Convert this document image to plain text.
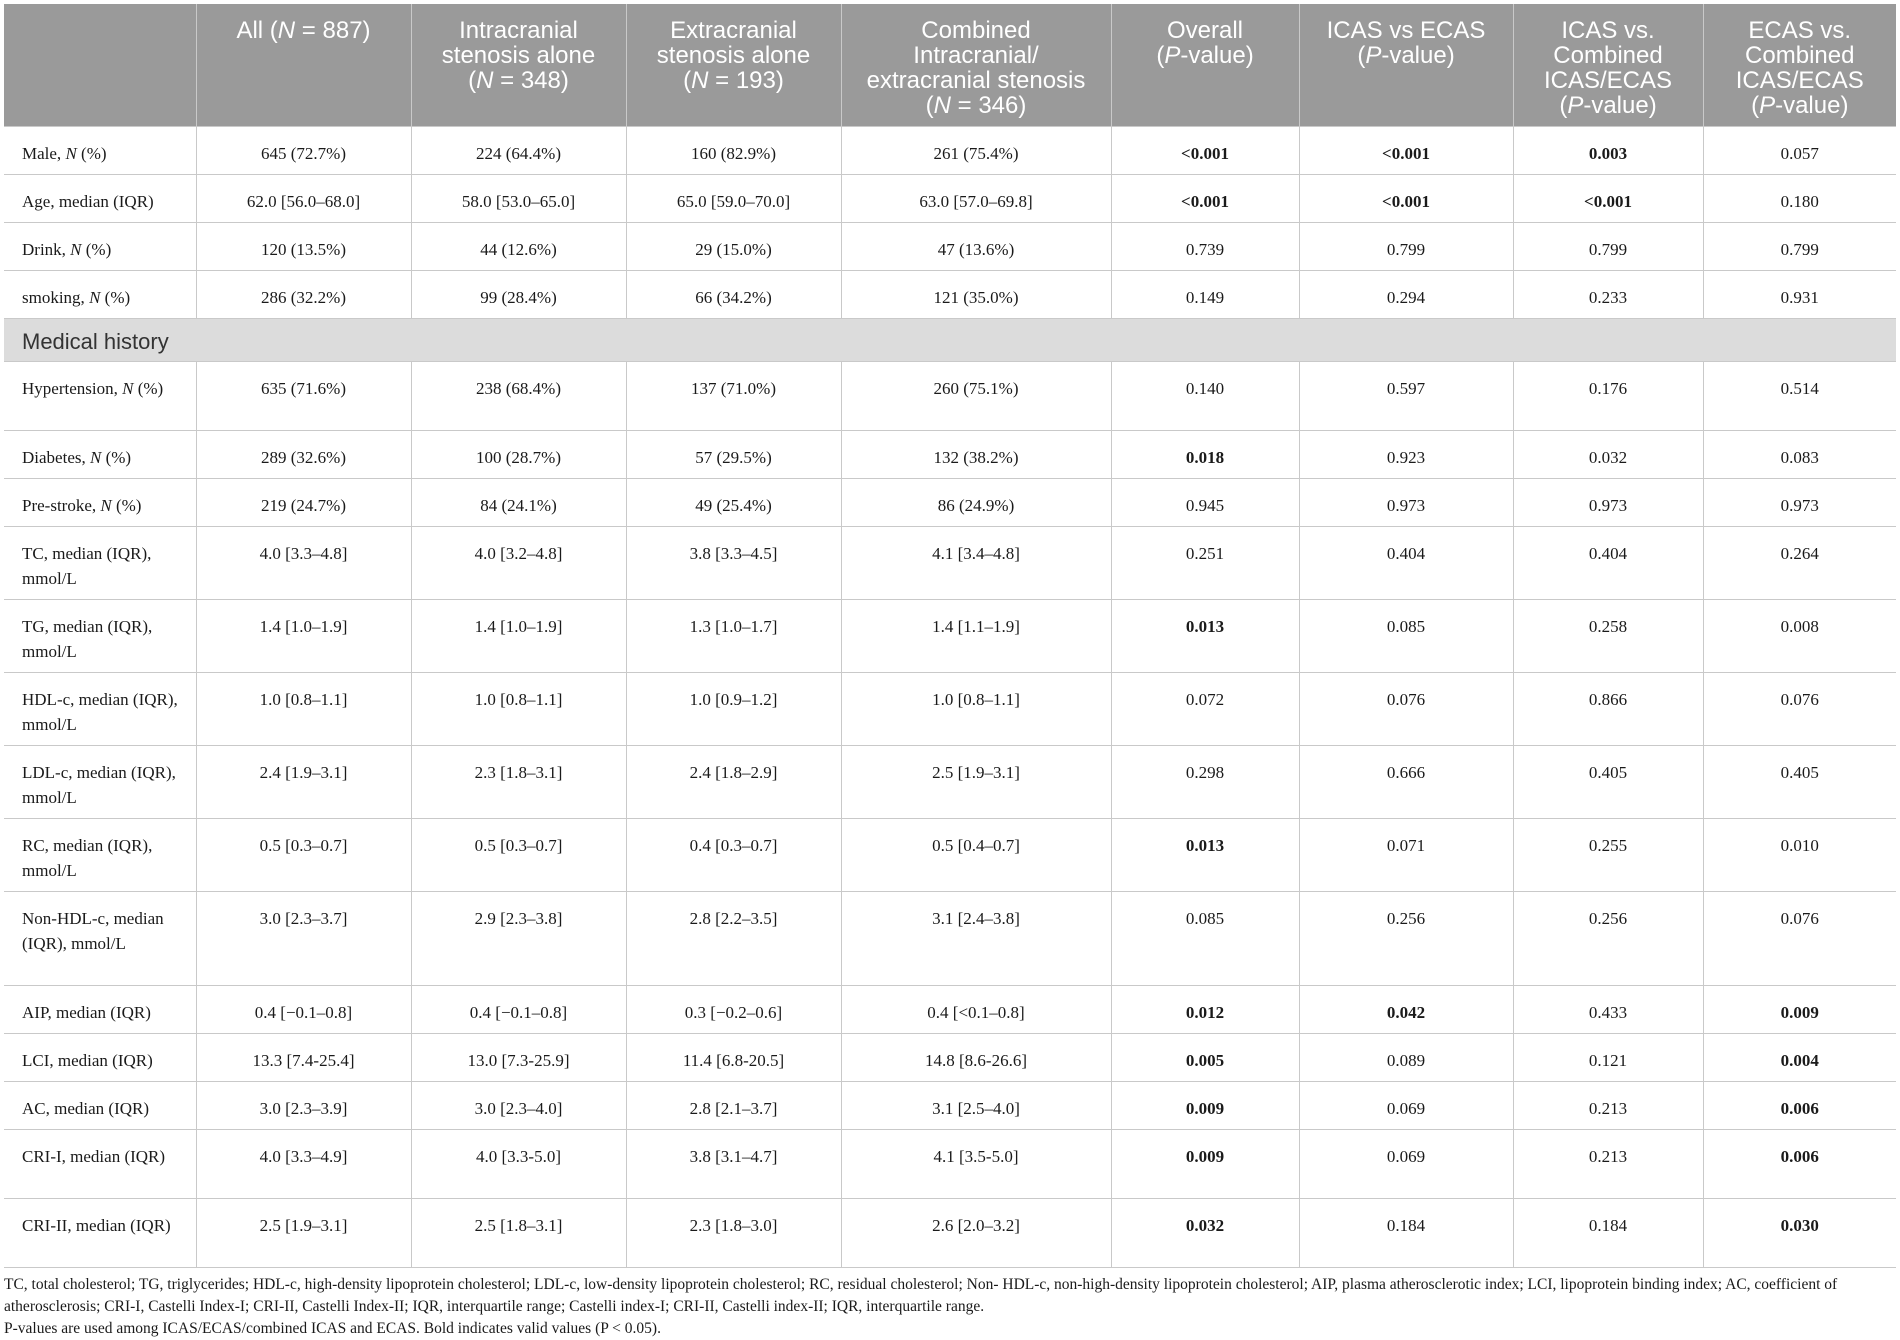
	All (N = 887)	Intracranial
stenosis alone
(N = 348)	Extracranial
stenosis alone
(N = 193)	Combined
Intracranial/
extracranial stenosis
(N = 346)	Overall
(P-value)	ICAS vs ECAS
(P-value)	ICAS vs.
Combined
ICAS/ECAS
(P-value)	ECAS vs.
Combined
ICAS/ECAS
(P-value)
Male, N (%)	645 (72.7%)	224 (64.4%)	160 (82.9%)	261 (75.4%)	<0.001	<0.001	0.003	0.057
Age, median (IQR)	62.0 [56.0–68.0]	58.0 [53.0–65.0]	65.0 [59.0–70.0]	63.0 [57.0–69.8]	<0.001	<0.001	<0.001	0.180
Drink, N (%)	120 (13.5%)	44 (12.6%)	29 (15.0%)	47 (13.6%)	0.739	0.799	0.799	0.799
smoking, N (%)	286 (32.2%)	99 (28.4%)	66 (34.2%)	121 (35.0%)	0.149	0.294	0.233	0.931
Medical history								
Hypertension, N (%)	635 (71.6%)	238 (68.4%)	137 (71.0%)	260 (75.1%)	0.140	0.597	0.176	0.514
Diabetes, N (%)	289 (32.6%)	100 (28.7%)	57 (29.5%)	132 (38.2%)	0.018	0.923	0.032	0.083
Pre-stroke, N (%)	219 (24.7%)	84 (24.1%)	49 (25.4%)	86 (24.9%)	0.945	0.973	0.973	0.973
TC, median (IQR), mmol/L	4.0 [3.3–4.8]	4.0 [3.2–4.8]	3.8 [3.3–4.5]	4.1 [3.4–4.8]	0.251	0.404	0.404	0.264
TG, median (IQR), mmol/L	1.4 [1.0–1.9]	1.4 [1.0–1.9]	1.3 [1.0–1.7]	1.4 [1.1–1.9]	0.013	0.085	0.258	0.008
HDL-c, median (IQR), mmol/L	1.0 [0.8–1.1]	1.0 [0.8–1.1]	1.0 [0.9–1.2]	1.0 [0.8–1.1]	0.072	0.076	0.866	0.076
LDL-c, median (IQR), mmol/L	2.4 [1.9–3.1]	2.3 [1.8–3.1]	2.4 [1.8–2.9]	2.5 [1.9–3.1]	0.298	0.666	0.405	0.405
RC, median (IQR), mmol/L	0.5 [0.3–0.7]	0.5 [0.3–0.7]	0.4 [0.3–0.7]	0.5 [0.4–0.7]	0.013	0.071	0.255	0.010
Non-HDL-c, median (IQR), mmol/L	3.0 [2.3–3.7]	2.9 [2.3–3.8]	2.8 [2.2–3.5]	3.1 [2.4–3.8]	0.085	0.256	0.256	0.076
AIP, median (IQR)	0.4 [−0.1–0.8]	0.4 [−0.1–0.8]	0.3 [−0.2–0.6]	0.4 [<0.1–0.8]	0.012	0.042	0.433	0.009
LCI, median (IQR)	13.3 [7.4-25.4]	13.0 [7.3-25.9]	11.4 [6.8-20.5]	14.8 [8.6-26.6]	0.005	0.089	0.121	0.004
AC, median (IQR)	3.0 [2.3–3.9]	3.0 [2.3–4.0]	2.8 [2.1–3.7]	3.1 [2.5–4.0]	0.009	0.069	0.213	0.006
CRI-I, median (IQR)	4.0 [3.3–4.9]	4.0 [3.3-5.0]	3.8 [3.1–4.7]	4.1 [3.5-5.0]	0.009	0.069	0.213	0.006
CRI-II, median (IQR)	2.5 [1.9–3.1]	2.5 [1.8–3.1]	2.3 [1.8–3.0]	2.6 [2.0–3.2]	0.032	0.184	0.184	0.030

TC, total cholesterol; TG, triglycerides; HDL-c, high-density lipoprotein cholesterol; LDL-c, low-density lipoprotein cholesterol; RC, residual cholesterol; Non- HDL-c, non-high-density lipoprotein cholesterol; AIP, plasma atherosclerotic index; LCI, lipoprotein binding index; AC, coefficient of atherosclerosis; CRI-I, Castelli Index-I; CRI-II, Castelli Index-II; IQR, interquartile range; Castelli index-I; CRI-II, Castelli index-II; IQR, interquartile range.

P-values are used among ICAS/ECAS/combined ICAS and ECAS. Bold indicates valid values (P < 0.05).
